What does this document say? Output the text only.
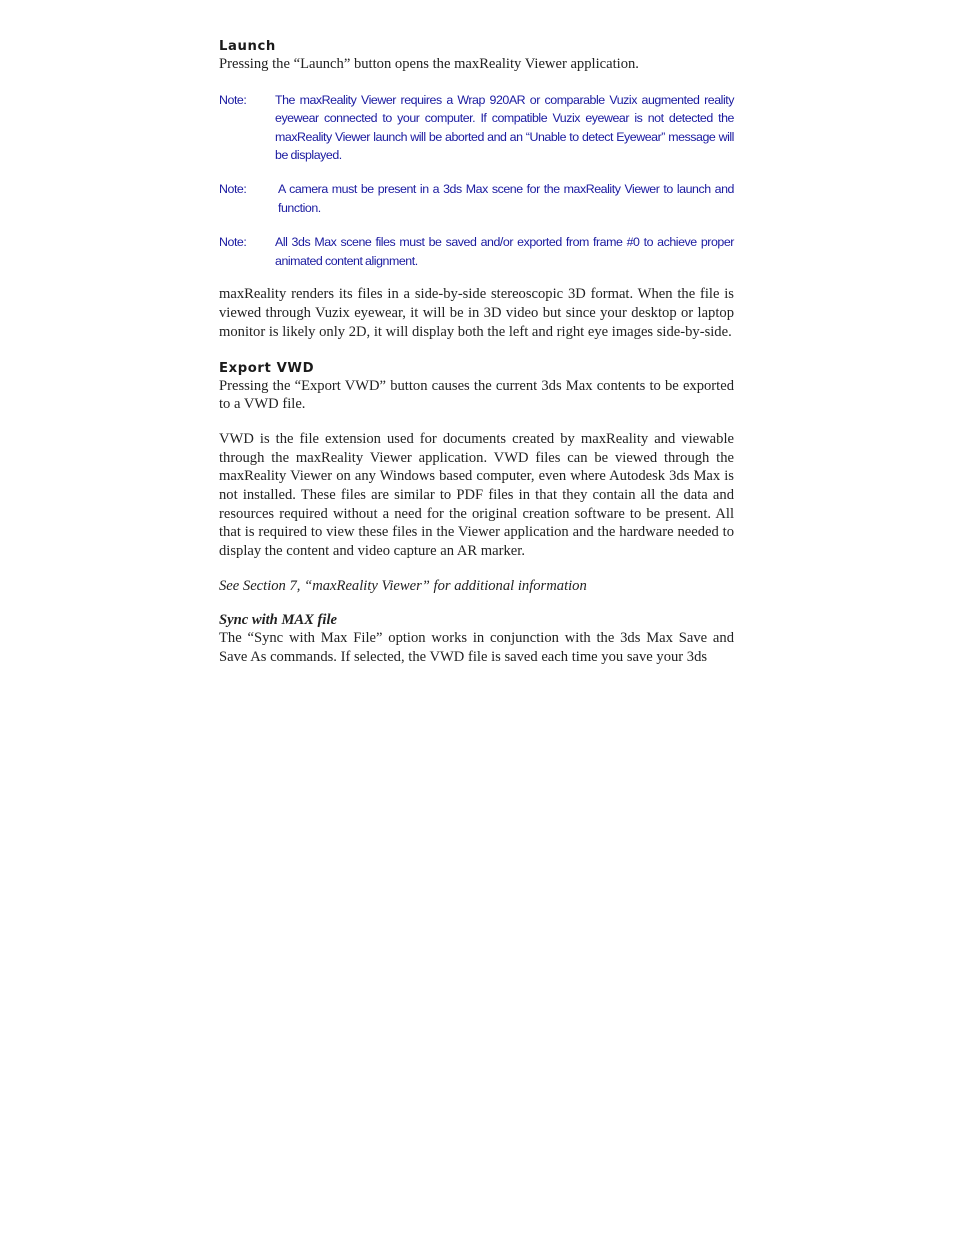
Launch

Pressing the “Launch” button opens the maxReality Viewer application.

Note:	The maxReality Viewer requires a Wrap 920AR or comparable Vuzix augmented reality eyewear connected to your computer. If compatible Vuzix eyewear is not detected the maxReality Viewer launch will be aborted and an “Unable to detect Eyewear” message will be displayed.
Note:	A camera must be present in a 3ds Max scene for the maxReality Viewer to launch and function.
Note:	All 3ds Max scene files must be saved and/or exported from frame #0 to achieve proper animated content alignment.

maxReality renders its files in a side-by-side stereoscopic 3D format. When the file is viewed through Vuzix eyewear, it will be in 3D video but since your desktop or laptop monitor is likely only 2D, it will display both the left and right eye images side-by-side.

Export VWD

Pressing the “Export VWD” button causes the current 3ds Max contents to be exported to a VWD file.

VWD is the file extension used for documents created by maxReality and viewable through the maxReality Viewer application. VWD files can be viewed through the maxReality Viewer on any Windows based computer, even where Autodesk 3ds Max is not installed. These files are similar to PDF files in that they contain all the data and resources required without a need for the original creation software to be present. All that is required to view these files in the Viewer application and the hardware needed to display the content and video capture an AR marker.

See Section 7, “maxReality Viewer” for additional information

Sync with MAX file

The “Sync with Max File” option works in conjunction with the 3ds Max Save and Save As commands. If selected, the VWD file is saved each time you save your 3ds
